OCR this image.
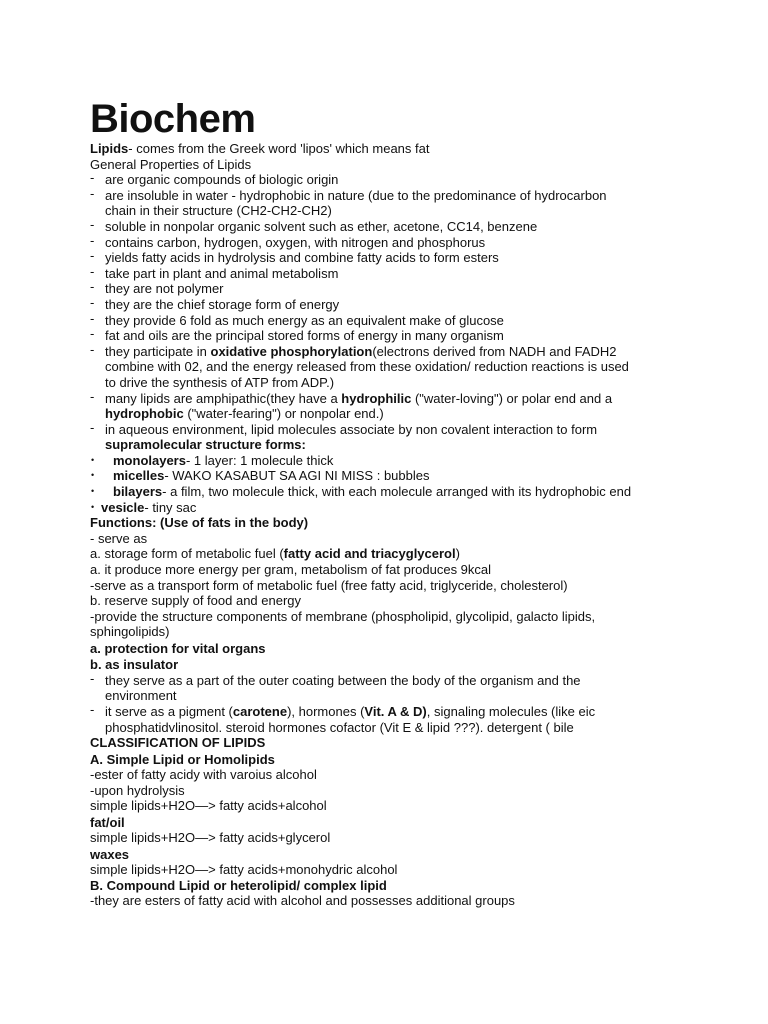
Biochem
Lipids- comes from the Greek word 'lipos' which means fat
General Properties of Lipids
- are organic compounds of biologic origin
- are insoluble in water - hydrophobic in nature (due to the predominance of hydrocarbon
chain in their structure (CH2-CH2-CH2)
- soluble in nonpolar organic solvent such as ether, acetone, CC14, benzene
- contains carbon, hydrogen, oxygen, with nitrogen and phosphorus
- yields fatty acids in hydrolysis and combine fatty acids to form esters
- take part in plant and animal metabolism
- they are not polymer
- they are the chief storage form of energy
- they provide 6 fold as much energy as an equivalent make of glucose
- fat and oils are the principal stored forms of energy in many organism
- they participate in oxidative phosphorylation(electrons derived from NADH and FADH2
combine with 02, and the energy released from these oxidation/ reduction reactions is used
to drive the synthesis of ATP from ADP.)
- many lipids are amphipathic(they have a hydrophilic ("water-loving") or polar end and a
hydrophobic ("water-fearing") or nonpolar end.)
- in aqueous environment, lipid molecules associate by non covalent interaction to form
supramolecular structure forms:
• monolayers- 1 layer: 1 molecule thick
• micelles- WAKO KASABUT SA AGI NI MISS : bubbles
• bilayers- a film, two molecule thick, with each molecule arranged with its hydrophobic end
• vesicle- tiny sac
Functions: (Use of fats in the body)
- serve as
a. storage form of metabolic fuel (fatty acid and triacyglycerol)
a. it produce more energy per gram, metabolism of fat produces 9kcal
-serve as a transport form of metabolic fuel (free fatty acid, triglyceride, cholesterol)
b. reserve supply of food and energy
-provide the structure components of membrane (phospholipid, glycolipid, galacto lipids,
sphingolipids)
a. protection for vital organs
b. as insulator
- they serve as a part of the outer coating between the body of the organism and the
environment
- it serve as a pigment (carotene), hormones (Vit. A & D), signaling molecules (like eic
phosphatidvlinositol. steroid hormones cofactor (Vit E & lipid ???). detergent ( bile
CLASSIFICATION OF LIPIDS
A. Simple Lipid or Homolipids
-ester of fatty acidy with varoius alcohol
-upon hydrolysis
simple lipids+H2O—> fatty acids+alcohol
fat/oil
simple lipids+H2O—> fatty acids+glycerol
waxes
simple lipids+H2O—> fatty acids+monohydric alcohol
B. Compound Lipid or heterolipid/ complex lipid
-they are esters of fatty acid with alcohol and possesses additional groups
